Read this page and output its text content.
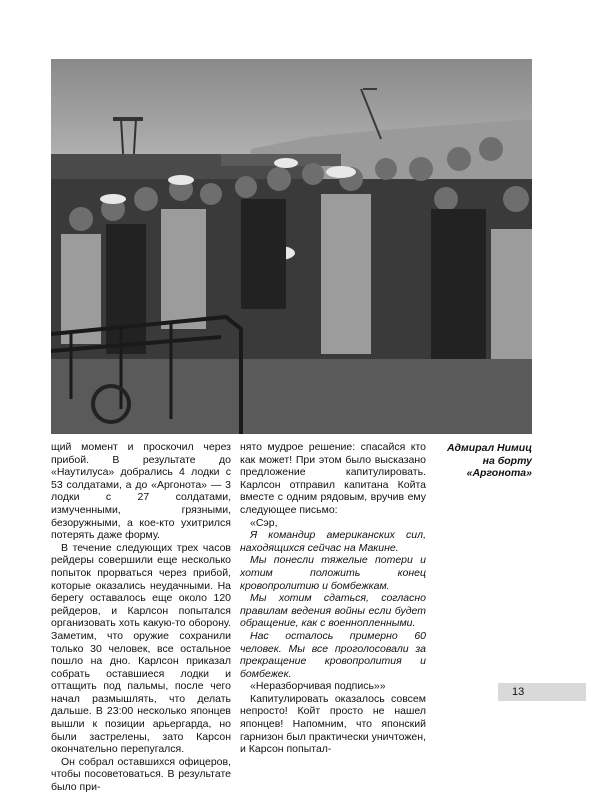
щий момент и проскочил через прибой. В результате до «Наутилуса» добрались 4 лодки с 53 солдатами, а до «Аргонота» — 3 лодки с 27 солдатами, измученными, грязными, безоружными, а кое-кто ухитрился потерять даже форму.

В течение следующих трех часов рейдеры совершили еще несколько попыток прорваться через прибой, которые оказались неудачными. На берегу оставалось еще около 120 рейдеров, и Карлсон попытался организовать хоть какую-то оборону. Заметим, что оружие сохранили только 30 человек, все остальное пошло на дно. Карлсон приказал собрать оставшиеся лодки и оттащить под пальмы, после чего начал размышлять, что делать дальше. В 23:00 несколько японцев вышли к позиции арьергарда, но были застрелены, зато Карсон окончательно перепугался.

Он собрал оставшихся офицеров, чтобы посоветоваться. В результате было при-

нято мудрое решение: спасайся кто как может! При этом было высказано предложение капитулировать. Карлсон отправил капитана Койта вместе с одним рядовым, вручив ему следующее письмо:

«Сэр,

Я командир американских сил, находящихся сейчас на Макине.

Мы понесли тяжелые потери и хотим положить конец кровопролитию и бомбежкам.

Мы хотим сдаться, согласно правилам ведения войны если будет обращение, как с военнопленными.

Нас осталось примерно 60 человек. Мы все проголосовали за прекращение кровопролития и бомбежек.

«Неразборчивая подпись»»

Капитулировать оказалось совсем непросто! Койт просто не нашел японцев! Напомним, что японский гарнизон был практически уничтожен, и Карсон попытал-

Адмирал Нимиц на борту «Аргонота»
13
